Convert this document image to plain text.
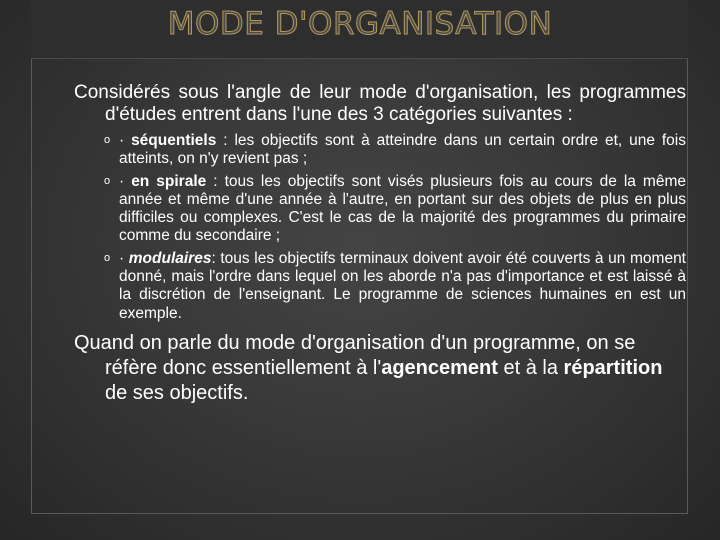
MODE D'ORGANISATION

Considérés sous l'angle de leur mode d'organisation, les programmes d'études entrent dans l'une des 3 catégories suivantes :

o · séquentiels : les objectifs sont à atteindre dans un certain ordre et, une fois atteints, on n'y revient pas ;
o · en spirale : tous les objectifs sont visés plusieurs fois au cours de la même année et même d'une année à l'autre, en portant sur des objets de plus en plus difficiles ou complexes. C'est le cas de la majorité des programmes du primaire comme du secondaire ;
o · modulaires: tous les objectifs terminaux doivent avoir été couverts à un moment donné, mais l'ordre dans lequel on les aborde n'a pas d'importance et est laissé à la discrétion de l'enseignant. Le programme de sciences humaines en est un exemple.

Quand on parle du mode d'organisation d'un programme, on se réfère donc essentiellement à l'agencement et à la répartition de ses objectifs.
